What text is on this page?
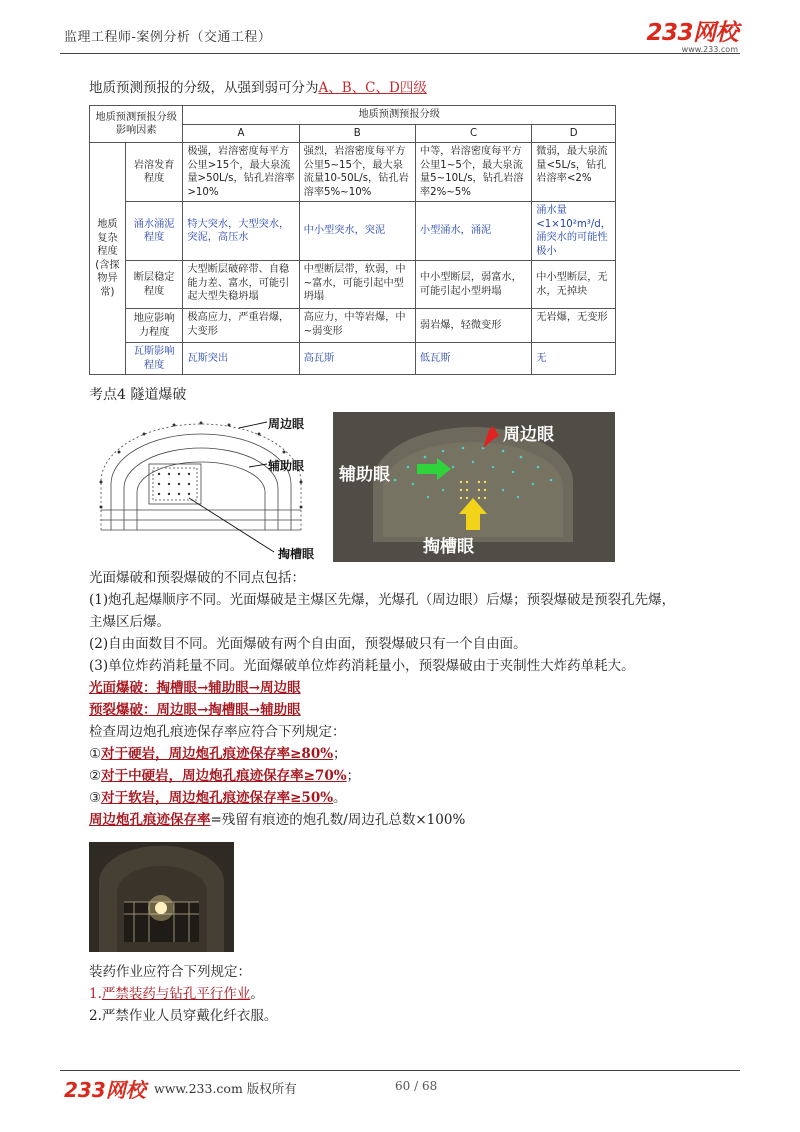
监理工程师-案例分析（交通工程）	233网校
www.233.com
地质预测预报的分级，从强到弱可分为A、B、C、D四级
地质预测预报分级影响因素		地质预测预报分级			
		A	B	C	D
地质复杂程度(含探物异常)	岩溶发育程度	极强，岩溶密度每平方公里>15个，最大泉流量>50L/s，钻孔岩溶率>10%	强烈，岩溶密度每平方公里5~15个，最大泉流量10-50L/s，钻孔岩溶率5%~10%	中等，岩溶密度每平方公里1~5个，最大泉流量5~10L/s，钻孔岩溶率2%~5%	微弱，最大泉流量<5L/s，钻孔岩溶率<2%
	涌水涌泥程度	特大突水，大型突水，突泥，高压水	中小型突水，突泥	小型涌水，涌泥	涌水量<1×10²m³/d，涌突水的可能性极小
	断层稳定程度	大型断层破碎带、自稳能力差、富水，可能引起大型失稳坍塌	中型断层带，软弱，中~富水，可能引起中型坍塌	中小型断层，弱富水，可能引起小型坍塌	中小型断层，无水，无掉块
	地应影响力程度	极高应力，严重岩爆，大变形	高应力，中等岩爆，中~弱变形	弱岩爆，轻微变形	无岩爆，无变形
	瓦斯影响程度	瓦斯突出	高瓦斯	低瓦斯	无
考点4 隧道爆破
周边眼
辅助眼
掏槽眼
周边眼
辅助眼
掏槽眼
光面爆破和预裂爆破的不同点包括：
(1)炮孔起爆顺序不同。光面爆破是主爆区先爆，光爆孔（周边眼）后爆；预裂爆破是预裂孔先爆，
主爆区后爆。
(2)自由面数目不同。光面爆破有两个自由面，预裂爆破只有一个自由面。
(3)单位炸药消耗量不同。光面爆破单位炸药消耗量小，预裂爆破由于夹制性大炸药单耗大。
光面爆破：掏槽眼→辅助眼→周边眼
预裂爆破：周边眼→掏槽眼→辅助眼
检查周边炮孔痕迹保存率应符合下列规定：
①对于硬岩，周边炮孔痕迹保存率≥80%；
②对于中硬岩，周边炮孔痕迹保存率≥70%；
③对于软岩，周边炮孔痕迹保存率≥50%。
周边炮孔痕迹保存率=残留有痕迹的炮孔数/周边孔总数×100%
装药作业应符合下列规定：
1.严禁装药与钻孔平行作业。
2.严禁作业人员穿戴化纤衣服。
233网校 www.233.com 版权所有	60 / 68
